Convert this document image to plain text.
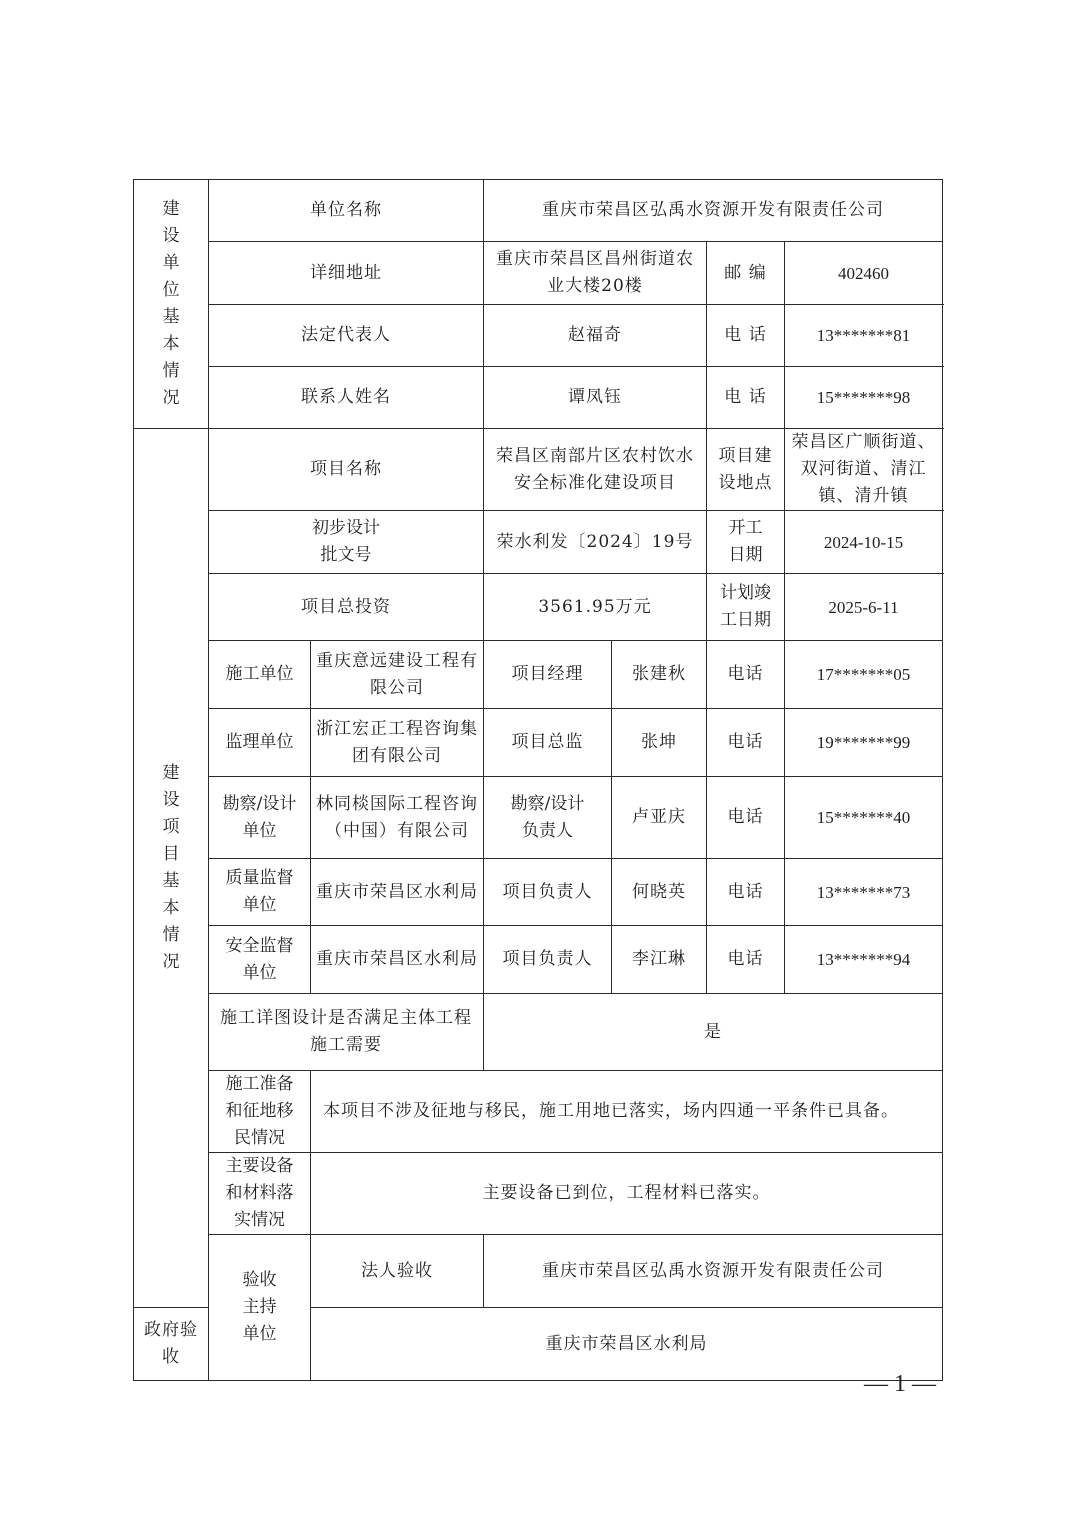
建设单位基本情况	单位名称		重庆市荣昌区弘禹水资源开发有限责任公司			
	详细地址		重庆市荣昌区昌州街道农业大楼20楼		邮 编	402460
	法定代表人		赵福奇		电 话	13*******81
	联系人姓名		谭凤钰		电 话	15*******98
建设项目基本情况	项目名称		荣昌区南部片区农村饮水安全标准化建设项目		项目建设地点	荣昌区广顺街道、双河街道、清江镇、清升镇
	初步设计批文号		荣水利发〔2024〕19号		开工日期	2024-10-15
	项目总投资		3561.95万元		计划竣工日期	2025-6-11
	施工单位	重庆意远建设工程有限公司	项目经理	张建秋	电话	17*******05
	监理单位	浙江宏正工程咨询集团有限公司	项目总监	张坤	电话	19*******99
	勘察/设计单位	林同棪国际工程咨询（中国）有限公司	勘察/设计负责人	卢亚庆	电话	15*******40
	质量监督单位	重庆市荣昌区水利局	项目负责人	何晓英	电话	13*******73
	安全监督单位	重庆市荣昌区水利局	项目负责人	李江琳	电话	13*******94
	施工详图设计是否满足主体工程施工需要		是			
	施工准备和征地移民情况	本项目不涉及征地与移民，施工用地已落实，场内四通一平条件已具备。				
	主要设备和材料落实情况	主要设备已到位，工程材料已落实。				
	验收主持单位	法人验收	重庆市荣昌区弘禹水资源开发有限责任公司			
政府验收		重庆市荣昌区水利局				
— 1 —
